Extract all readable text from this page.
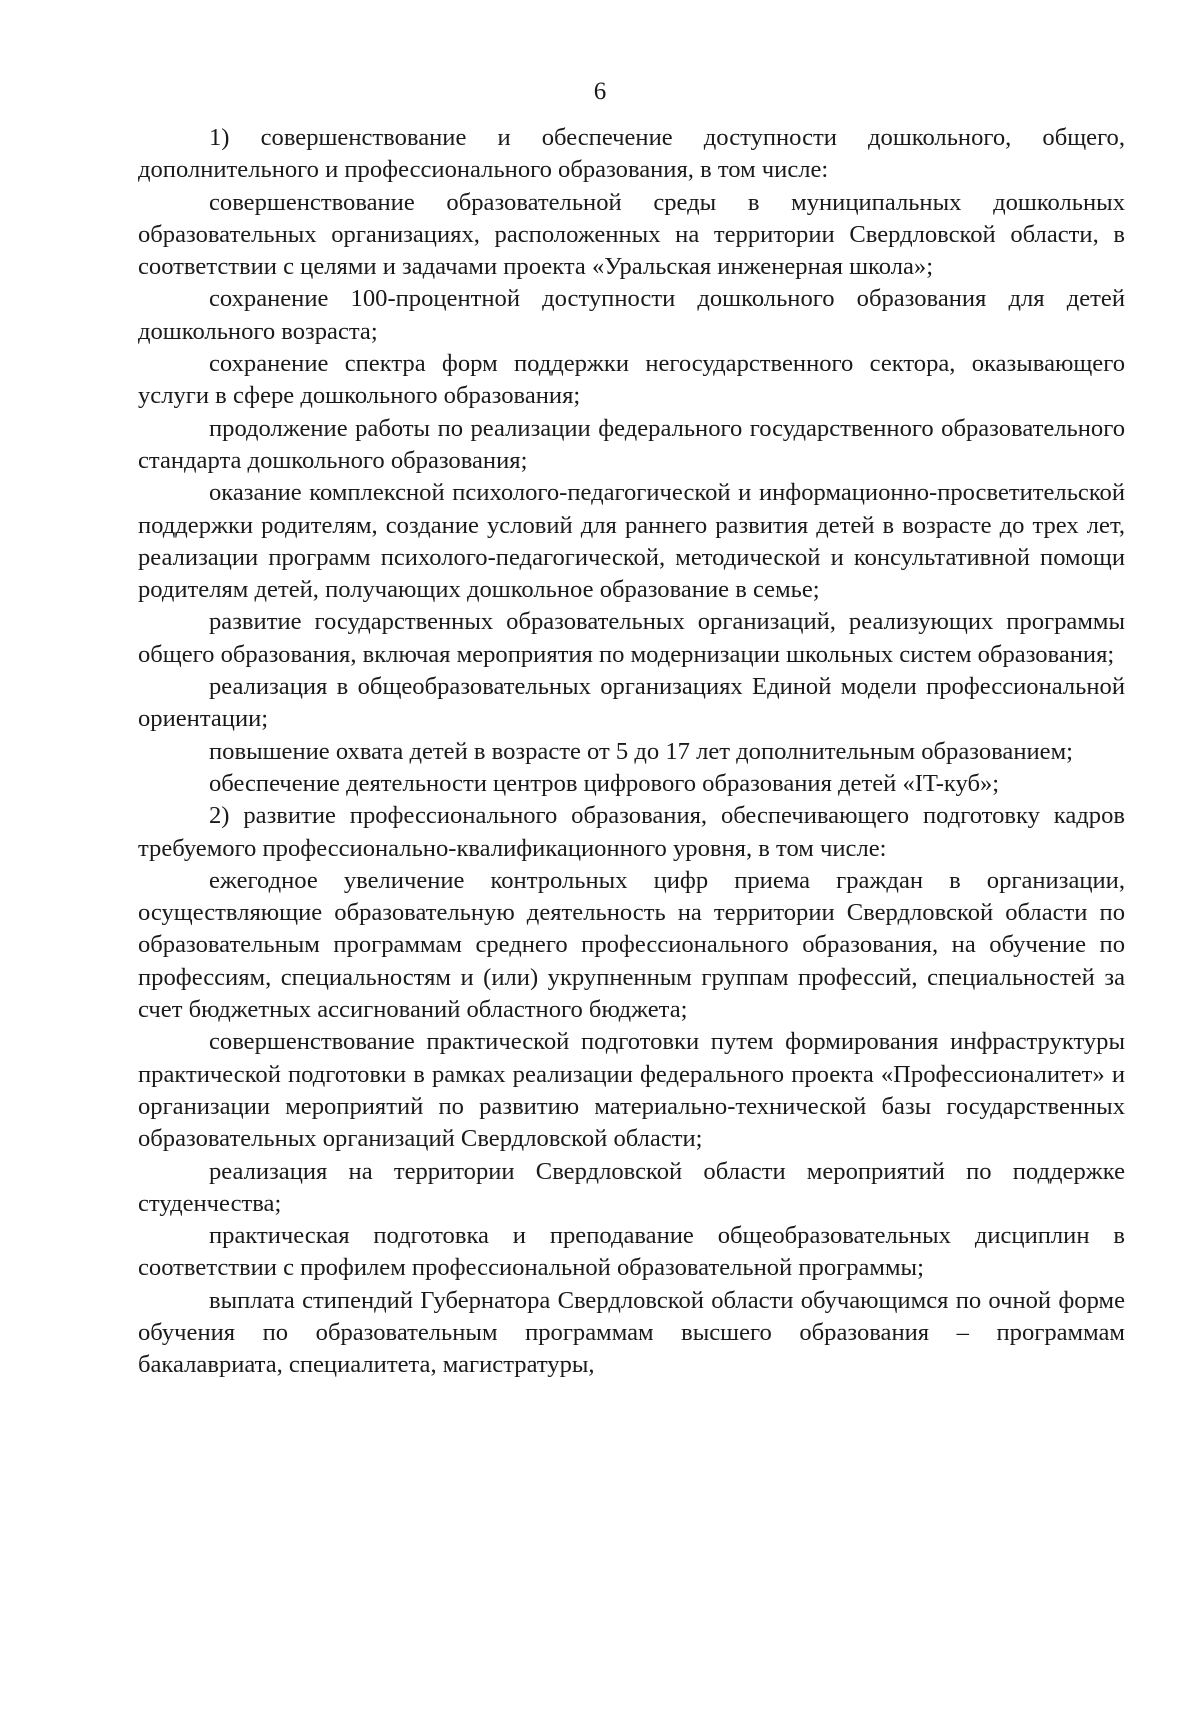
6

1) совершенствование и обеспечение доступности дошкольного, общего, дополнительного и профессионального образования, в том числе:

совершенствование образовательной среды в муниципальных дошкольных образовательных организациях, расположенных на территории Свердловской области, в соответствии с целями и задачами проекта «Уральская инженерная школа»;

сохранение 100-процентной доступности дошкольного образования для детей дошкольного возраста;

сохранение спектра форм поддержки негосударственного сектора, оказывающего услуги в сфере дошкольного образования;

продолжение работы по реализации федерального государственного образовательного стандарта дошкольного образования;

оказание комплексной психолого-педагогической и информационно-просветительской поддержки родителям, создание условий для раннего развития детей в возрасте до трех лет, реализации программ психолого-педагогической, методической и консультативной помощи родителям детей, получающих дошкольное образование в семье;

развитие государственных образовательных организаций, реализующих программы общего образования, включая мероприятия по модернизации школьных систем образования;

реализация в общеобразовательных организациях Единой модели профессиональной ориентации;

повышение охвата детей в возрасте от 5 до 17 лет дополнительным образованием;

обеспечение деятельности центров цифрового образования детей «IT-куб»;

2) развитие профессионального образования, обеспечивающего подготовку кадров требуемого профессионально-квалификационного уровня, в том числе:

ежегодное увеличение контрольных цифр приема граждан в организации, осуществляющие образовательную деятельность на территории Свердловской области по образовательным программам среднего профессионального образования, на обучение по профессиям, специальностям и (или) укрупненным группам профессий, специальностей за счет бюджетных ассигнований областного бюджета;

совершенствование практической подготовки путем формирования инфраструктуры практической подготовки в рамках реализации федерального проекта «Профессионалитет» и организации мероприятий по развитию материально-технической базы государственных образовательных организаций Свердловской области;

реализация на территории Свердловской области мероприятий по поддержке студенчества;

практическая подготовка и преподавание общеобразовательных дисциплин в соответствии с профилем профессиональной образовательной программы;

выплата стипендий Губернатора Свердловской области обучающимся по очной форме обучения по образовательным программам высшего образования – программам бакалавриата, специалитета, магистратуры,
